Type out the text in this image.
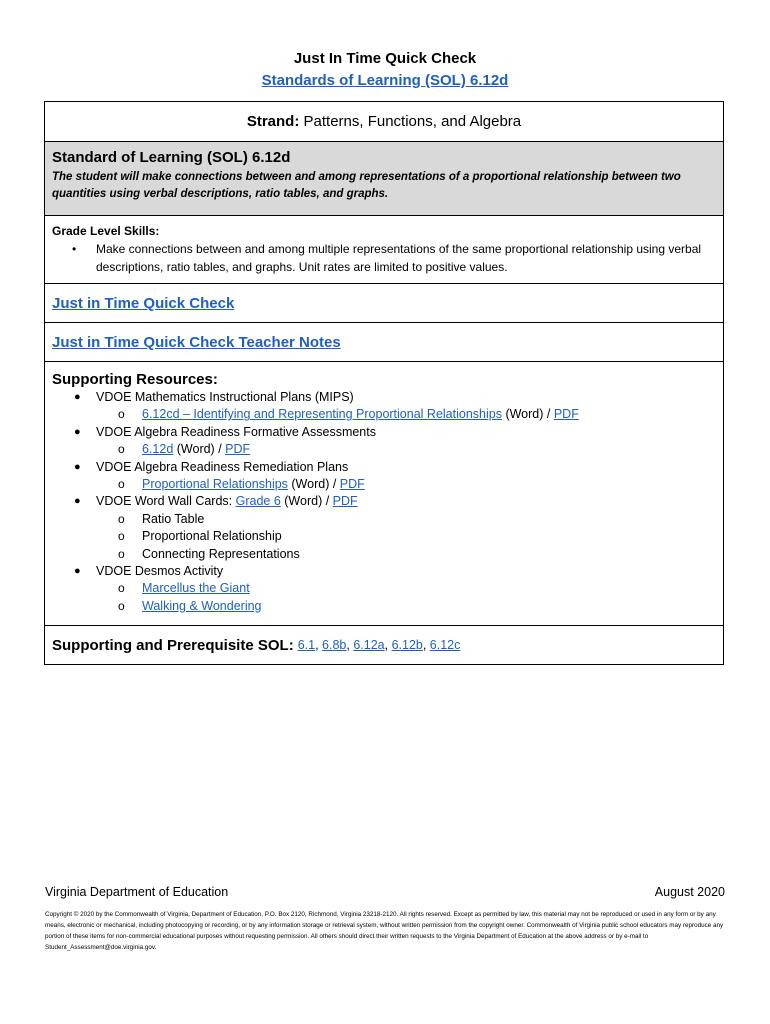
Just In Time Quick Check
Standards of Learning (SOL) 6.12d
Strand:
Patterns, Functions, and Algebra
Standard of Learning (SOL) 6.12d
The student will make connections between and among representations of a proportional relationship between two quantities using verbal descriptions, ratio tables, and graphs.
Grade Level Skills:
• Make connections between and among multiple representations of the same proportional relationship using verbal descriptions, ratio tables, and graphs. Unit rates are limited to positive values.
Just in Time Quick Check
Just in Time Quick Check Teacher Notes
Supporting Resources:
● VDOE Mathematics Instructional Plans (MIPS)
o 6.12cd – Identifying and Representing Proportional Relationships (Word) / PDF
● VDOE Algebra Readiness Formative Assessments
o 6.12d (Word) / PDF
● VDOE Algebra Readiness Remediation Plans
o Proportional Relationships (Word) / PDF
● VDOE Word Wall Cards: Grade 6 (Word) / PDF
o Ratio Table
o Proportional Relationship
o Connecting Representations
● VDOE Desmos Activity
o Marcellus the Giant
o Walking & Wondering
Supporting and Prerequisite SOL: 6.1, 6.8b, 6.12a, 6.12b, 6.12c
Virginia Department of Education	August 2020
Copyright © 2020 by the Commonwealth of Virginia, Department of Education, P.O. Box 2120, Richmond, Virginia 23218-2120. All rights reserved. Except as permitted by law, this material may not be reproduced or used in any form or by any means, electronic or mechanical, including photocopying or recording, or by any information storage or retrieval system, without written permission from the copyright owner. Commonwealth of Virginia public school educators may reproduce any portion of these items for non-commercial educational purposes without requesting permission. All others should direct their written requests to the Virginia Department of Education at the above address or by e-mail to Student_Assessment@doe.virginia.gov.
